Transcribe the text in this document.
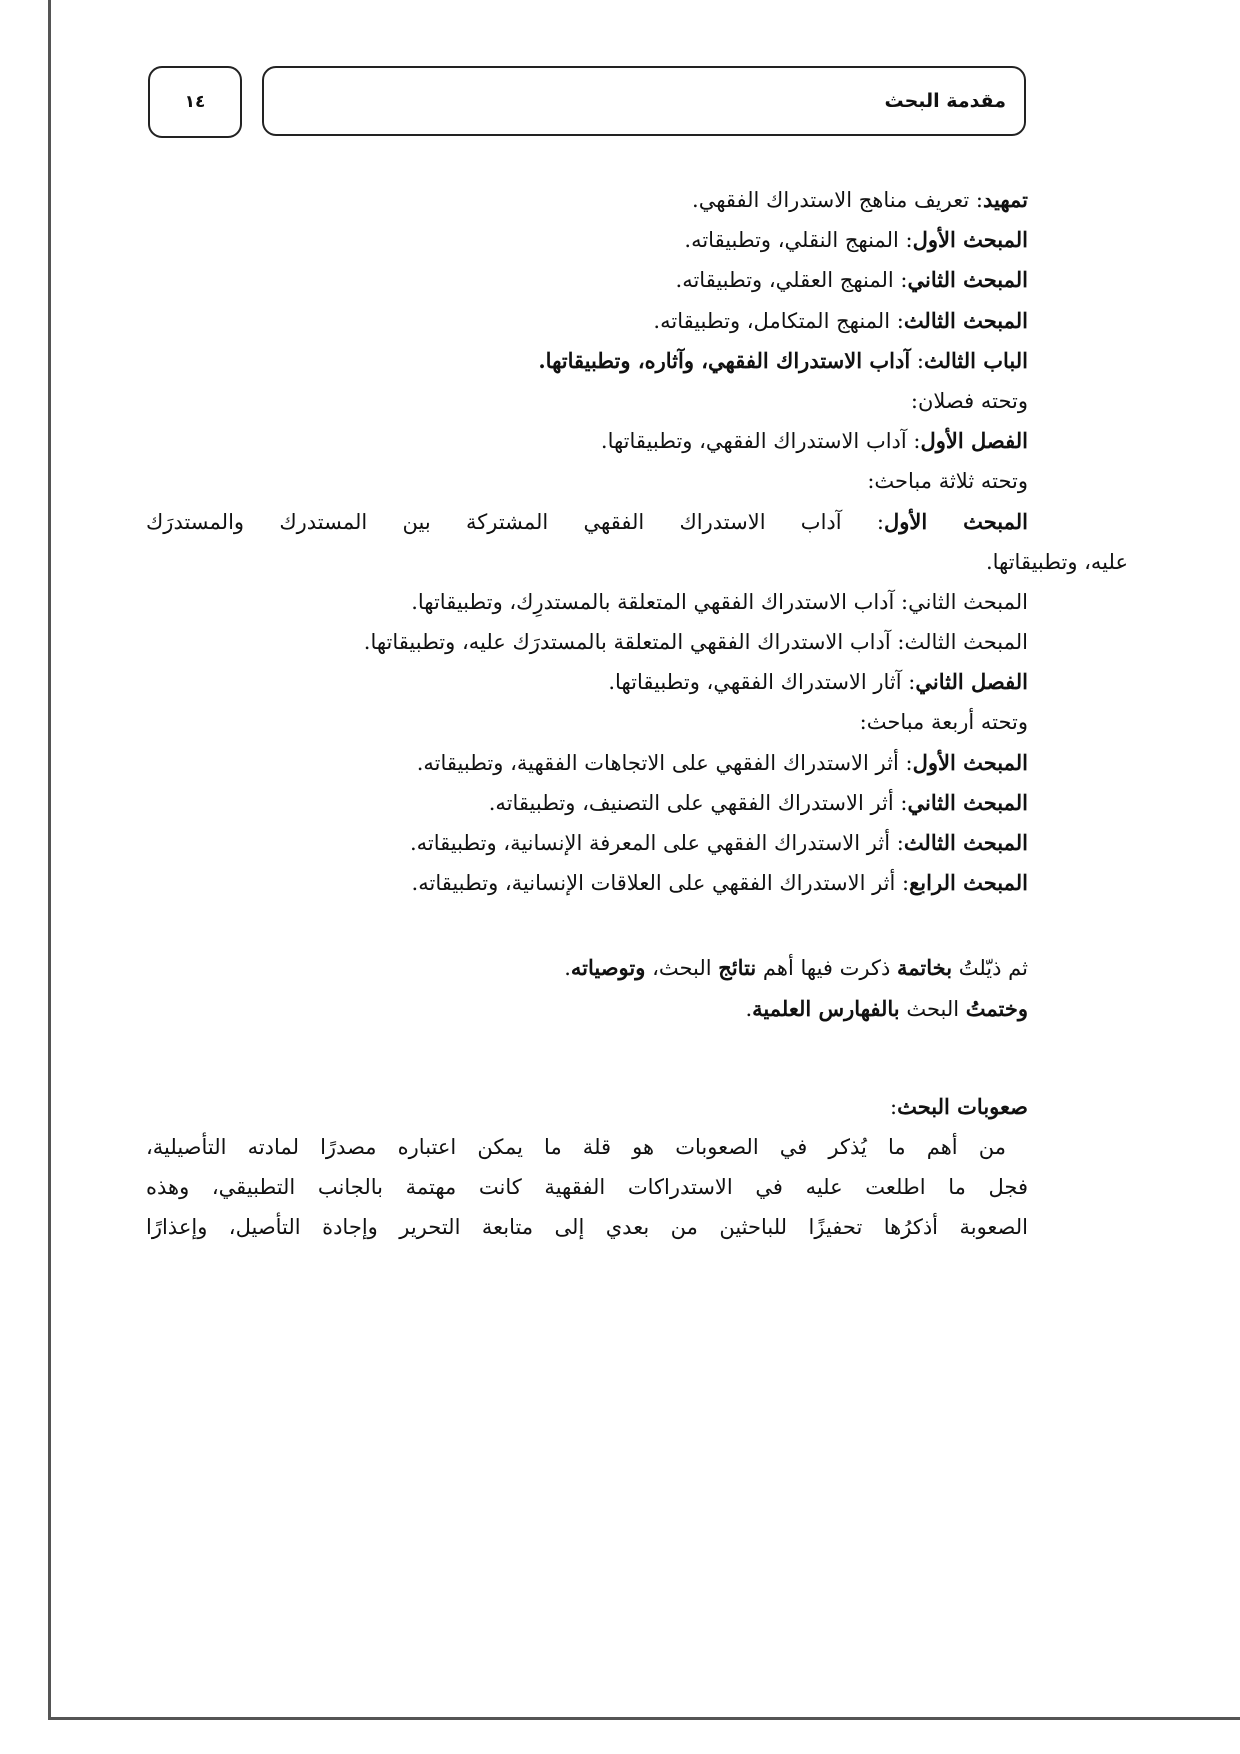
مقدمة البحث
١٤
تمهيد: تعريف مناهج الاستدراك الفقهي.
المبحث الأول: المنهج النقلي، وتطبيقاته.
المبحث الثاني: المنهج العقلي، وتطبيقاته.
المبحث الثالث: المنهج المتكامل، وتطبيقاته.
الباب الثالث: آداب الاستدراك الفقهي، وآثاره، وتطبيقاتها.
وتحته فصلان:
الفصل الأول: آداب الاستدراك الفقهي، وتطبيقاتها.
وتحته ثلاثة مباحث:
المبحث الأول: آداب الاستدراك الفقهي المشتركة بين المستدرك والمستدرَك
عليه، وتطبيقاتها.
المبحث الثاني: آداب الاستدراك الفقهي المتعلقة بالمستدرِك، وتطبيقاتها.
المبحث الثالث: آداب الاستدراك الفقهي المتعلقة بالمستدرَك عليه، وتطبيقاتها.
الفصل الثاني: آثار الاستدراك الفقهي، وتطبيقاتها.
وتحته أربعة مباحث:
المبحث الأول: أثر الاستدراك الفقهي على الاتجاهات الفقهية، وتطبيقاته.
المبحث الثاني: أثر الاستدراك الفقهي على التصنيف، وتطبيقاته.
المبحث الثالث: أثر الاستدراك الفقهي على المعرفة الإنسانية، وتطبيقاته.
المبحث الرابع: أثر الاستدراك الفقهي على العلاقات الإنسانية، وتطبيقاته.
ثم ذيّلتُ بخاتمة ذكرت فيها أهم نتائج البحث، وتوصياته.
وختمتُ البحث بالفهارس العلمية.
صعوبات البحث:
من أهم ما يُذكر في الصعوبات هو قلة ما يمكن اعتباره مصدرًا لمادته التأصيلية،
فجل ما اطلعت عليه في الاستدراكات الفقهية كانت مهتمة بالجانب التطبيقي، وهذه
الصعوبة أذكرُها تحفيزًا للباحثين من بعدي إلى متابعة التحرير وإجادة التأصيل، وإعذارًا
